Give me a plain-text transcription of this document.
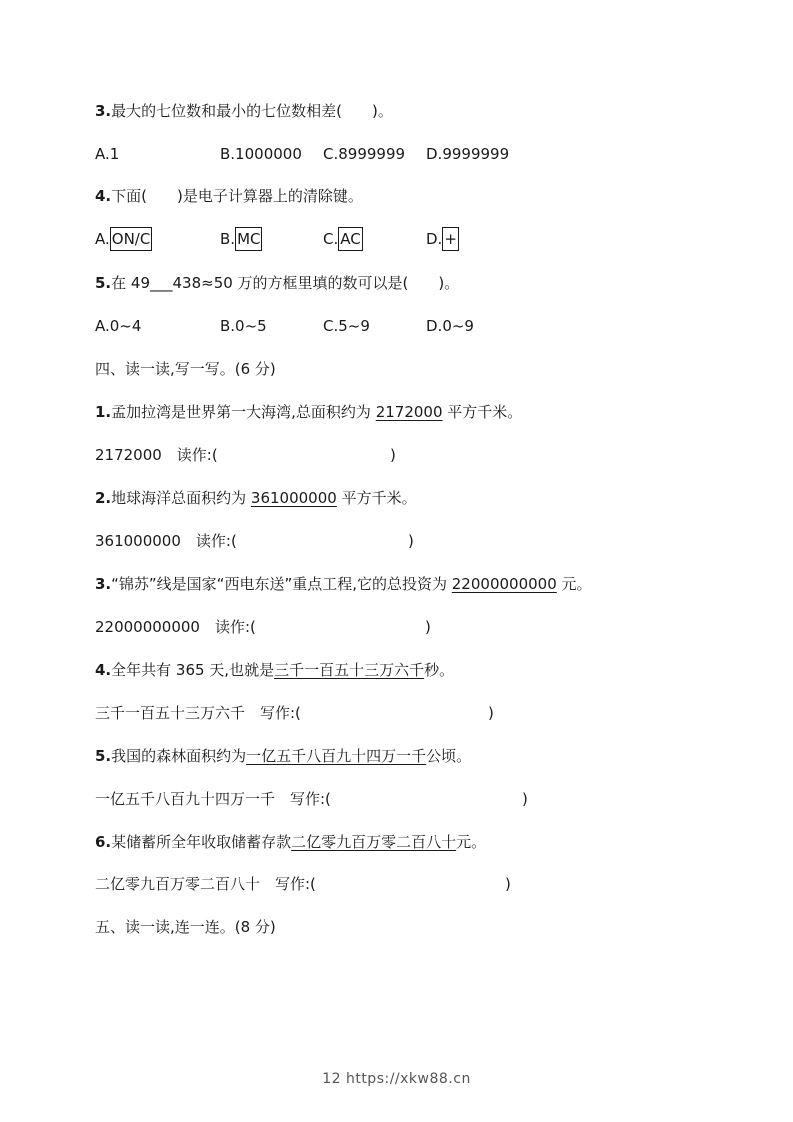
3.最大的七位数和最小的七位数相差(　　)。
A.1	B.1000000 C.8999999 D.9999999
4.下面(　　)是电子计算器上的清除键。
A. ON/C	B. MC	C. AC	D. +
5.在 49___438≈50 万的方框里填的数可以是(　　)。
A.0~4	B.0~5	C.5~9	D.0~9
四、读一读,写一写。(6 分)
1.孟加拉湾是世界第一大海湾,总面积约为 2172000 平方千米。
2172000　读作:(	)
2.地球海洋总面积约为 361000000 平方千米。
361000000　读作:(	)
3.“锦苏”线是国家“西电东送”重点工程,它的总投资为 22000000000 元。
22000000000　读作:(	)
4.全年共有 365 天,也就是三千一百五十三万六千秒。
三千一百五十三万六千　写作:(	)
5.我国的森林面积约为一亿五千八百九十四万一千公顷。
一亿五千八百九十四万一千　写作:(	)
6.某储蓄所全年收取储蓄存款二亿零九百万零二百八十元。
二亿零九百万零二百八十　写作:(	)
五、读一读,连一连。(8 分)
12 https://xkw88.cn
